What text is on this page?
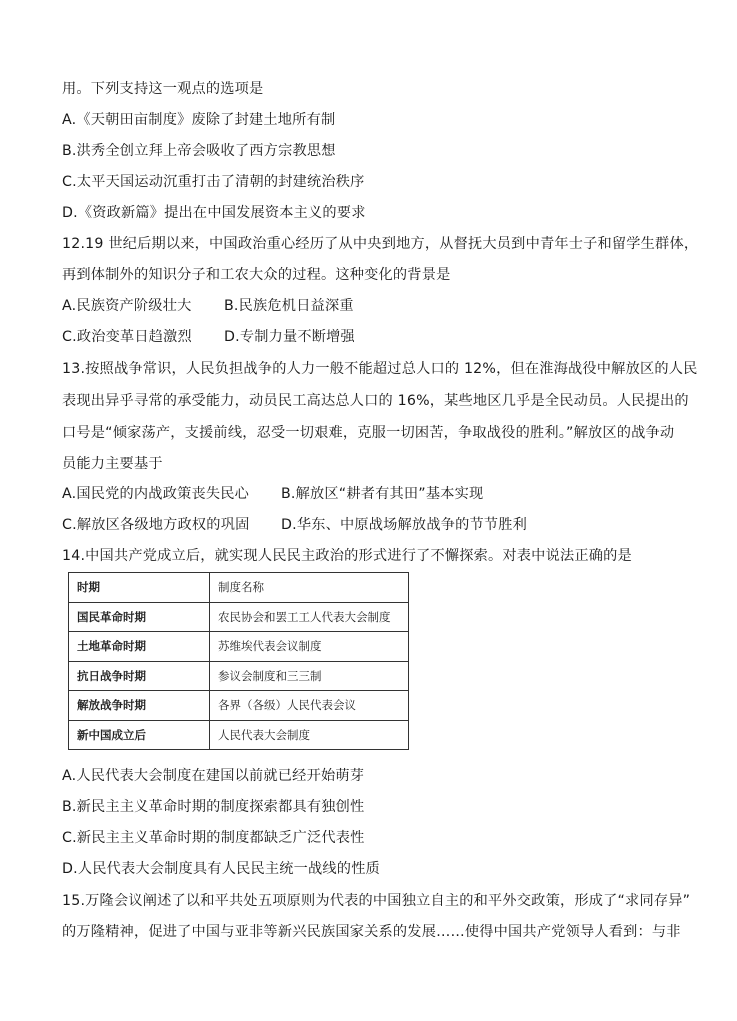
用。下列支持这一观点的选项是
A.《天朝田亩制度》废除了封建土地所有制
B.洪秀全创立拜上帝会吸收了西方宗教思想
C.太平天国运动沉重打击了清朝的封建统治秩序
D.《资政新篇》提出在中国发展资本主义的要求
12.19 世纪后期以来，中国政治重心经历了从中央到地方，从督抚大员到中青年士子和留学生群体，
再到体制外的知识分子和工农大众的过程。这种变化的背景是
A.民族资产阶级壮大 B.民族危机日益深重
C.政治变革日趋激烈 D.专制力量不断增强
13.按照战争常识，人民负担战争的人力一般不能超过总人口的 12%，但在淮海战役中解放区的人民
表现出异乎寻常的承受能力，动员民工高达总人口的 16%，某些地区几乎是全民动员。人民提出的
口号是“倾家荡产，支援前线，忍受一切艰难，克服一切困苦，争取战役的胜利。”解放区的战争动
员能力主要基于
A.国民党的内战政策丧失民心 B.解放区“耕者有其田”基本实现
C.解放区各级地方政权的巩固 D.华东、中原战场解放战争的节节胜利
14.中国共产党成立后，就实现人民民主政治的形式进行了不懈探索。对表中说法正确的是
时期	制度名称
国民革命时期	农民协会和罢工工人代表大会制度
土地革命时期	苏维埃代表会议制度
抗日战争时期	参议会制度和三三制
解放战争时期	各界（各级）人民代表会议
新中国成立后	人民代表大会制度
A.人民代表大会制度在建国以前就已经开始萌芽
B.新民主主义革命时期的制度探索都具有独创性
C.新民主主义革命时期的制度都缺乏广泛代表性
D.人民代表大会制度具有人民民主统一战线的性质
15.万隆会议阐述了以和平共处五项原则为代表的中国独立自主的和平外交政策，形成了“求同存异”
的万隆精神，促进了中国与亚非等新兴民族国家关系的发展……使得中国共产党领导人看到：与非
